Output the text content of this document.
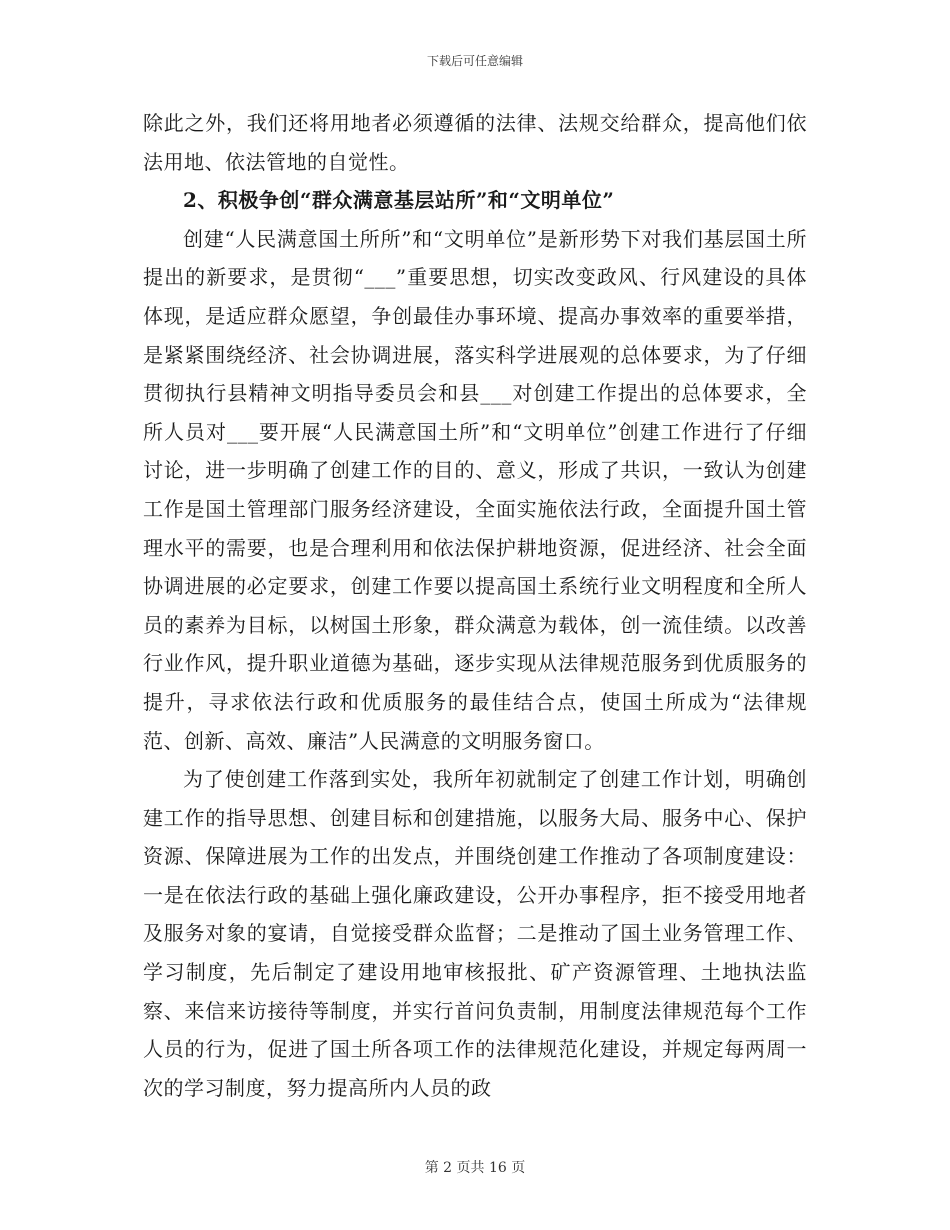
下载后可任意编辑

除此之外，我们还将用地者必须遵循的法律、法规交给群众，提高他们依法用地、依法管地的自觉性。

2、积极争创“群众满意基层站所”和“文明单位”

创建“人民满意国土所所”和“文明单位”是新形势下对我们基层国土所提出的新要求，是贯彻“___”重要思想，切实改变政风、行风建设的具体体现，是适应群众愿望，争创最佳办事环境、提高办事效率的重要举措，是紧紧围绕经济、社会协调进展，落实科学进展观的总体要求，为了仔细贯彻执行县精神文明指导委员会和县___对创建工作提出的总体要求，全所人员对___要开展“人民满意国土所”和“文明单位”创建工作进行了仔细讨论，进一步明确了创建工作的目的、意义，形成了共识，一致认为创建工作是国土管理部门服务经济建设，全面实施依法行政，全面提升国土管理水平的需要，也是合理利用和依法保护耕地资源，促进经济、社会全面协调进展的必定要求，创建工作要以提高国土系统行业文明程度和全所人员的素养为目标，以树国土形象，群众满意为载体，创一流佳绩。以改善行业作风，提升职业道德为基础，逐步实现从法律规范服务到优质服务的提升，寻求依法行政和优质服务的最佳结合点，使国土所成为“法律规范、创新、高效、廉洁”人民满意的文明服务窗口。

为了使创建工作落到实处，我所年初就制定了创建工作计划，明确创建工作的指导思想、创建目标和创建措施，以服务大局、服务中心、保护资源、保障进展为工作的出发点，并围绕创建工作推动了各项制度建设：一是在依法行政的基础上强化廉政建设，公开办事程序，拒不接受用地者及服务对象的宴请，自觉接受群众监督；二是推动了国土业务管理工作、学习制度，先后制定了建设用地审核报批、矿产资源管理、土地执法监察、来信来访接待等制度，并实行首问负责制，用制度法律规范每个工作人员的行为，促进了国土所各项工作的法律规范化建设，并规定每两周一次的学习制度，努力提高所内人员的政

第 2 页共 16 页
